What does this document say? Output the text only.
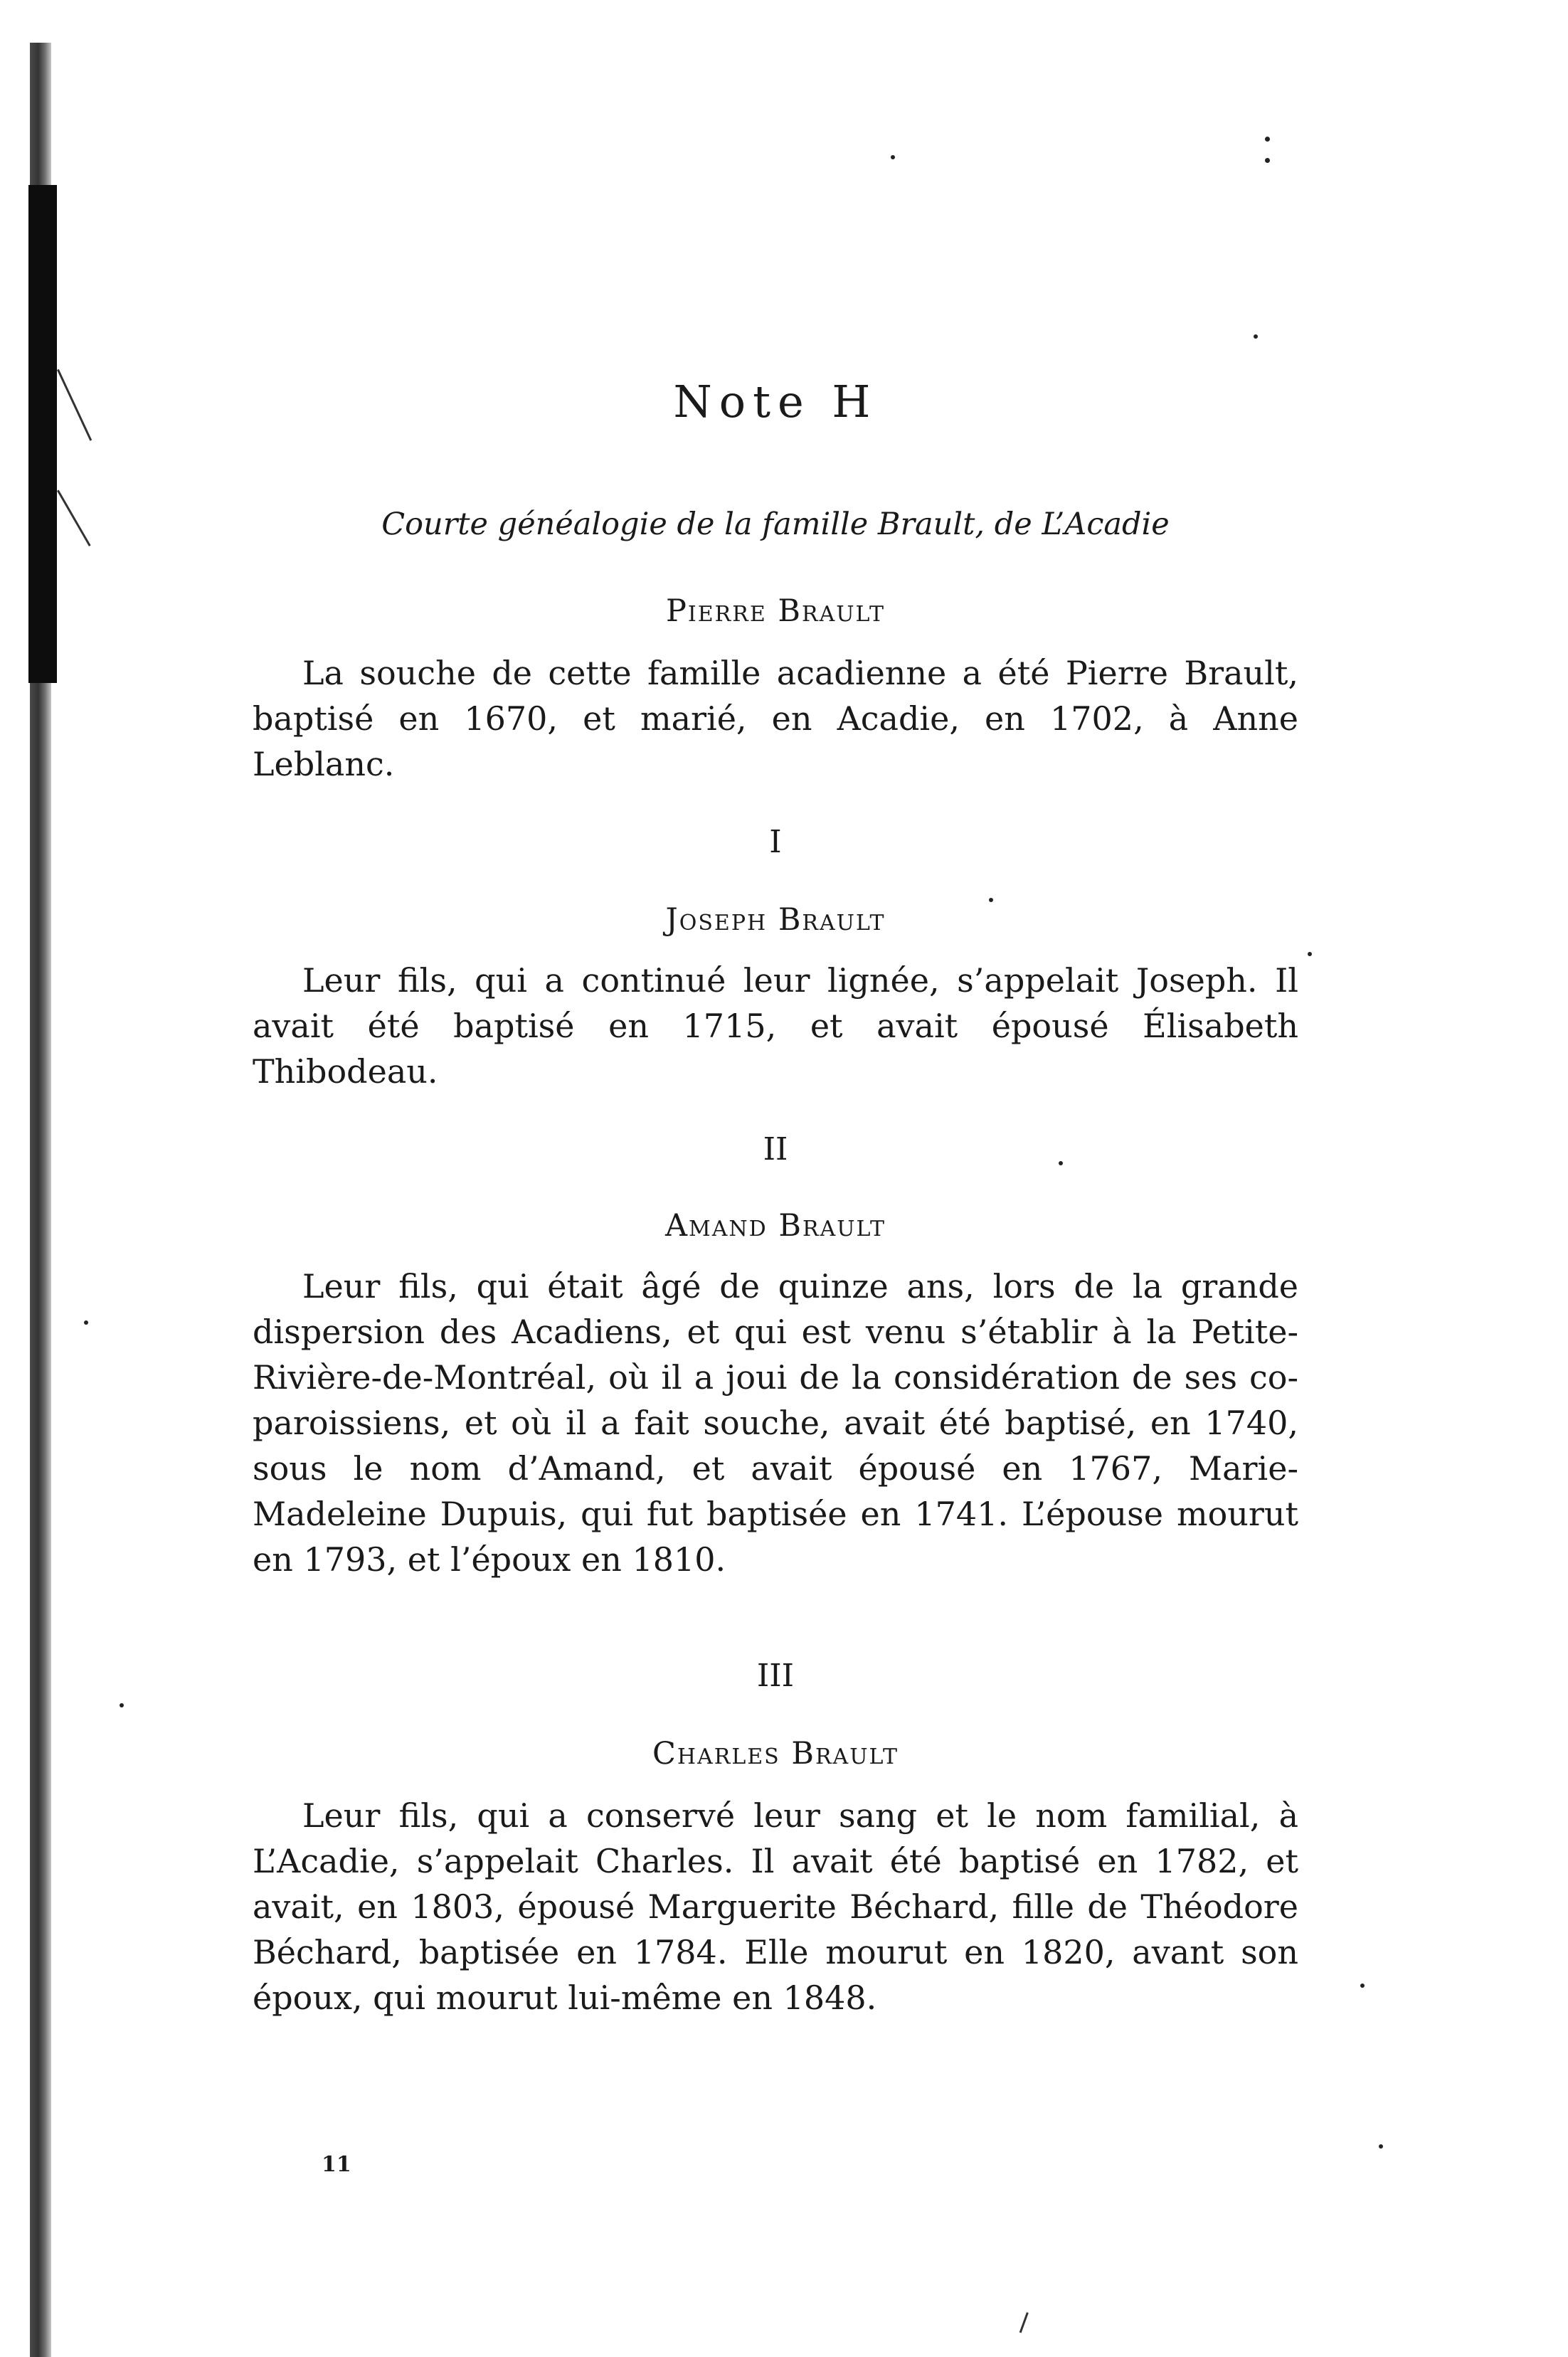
Note H
Courte généalogie de la famille Brault, de L’Acadie
Pierre Brault

La souche de cette famille acadienne a été Pierre Brault, baptisé en 1670, et marié, en Acadie, en 1702, à Anne Leblanc.

I
Joseph Brault

Leur fils, qui a continué leur lignée, s’appelait Joseph. Il avait été baptisé en 1715, et avait épousé Élisabeth Thibodeau.

II
Amand Brault

Leur fils, qui était âgé de quinze ans, lors de la grande dispersion des Acadiens, et qui est venu s’établir à la Petite-Rivière-de-Montréal, où il a joui de la considération de ses co-paroissiens, et où il a fait souche, avait été baptisé, en 1740, sous le nom d’Amand, et avait épousé en 1767, Marie-Madeleine Dupuis, qui fut baptisée en 1741. L’épouse mourut en 1793, et l’époux en 1810.

III
Charles Brault

Leur fils, qui a conservé leur sang et le nom familial, à L’Acadie, s’appelait Charles. Il avait été baptisé en 1782, et avait, en 1803, épousé Marguerite Béchard, fille de Théodore Béchard, baptisée en 1784. Elle mourut en 1820, avant son époux, qui mourut lui-même en 1848.

11
